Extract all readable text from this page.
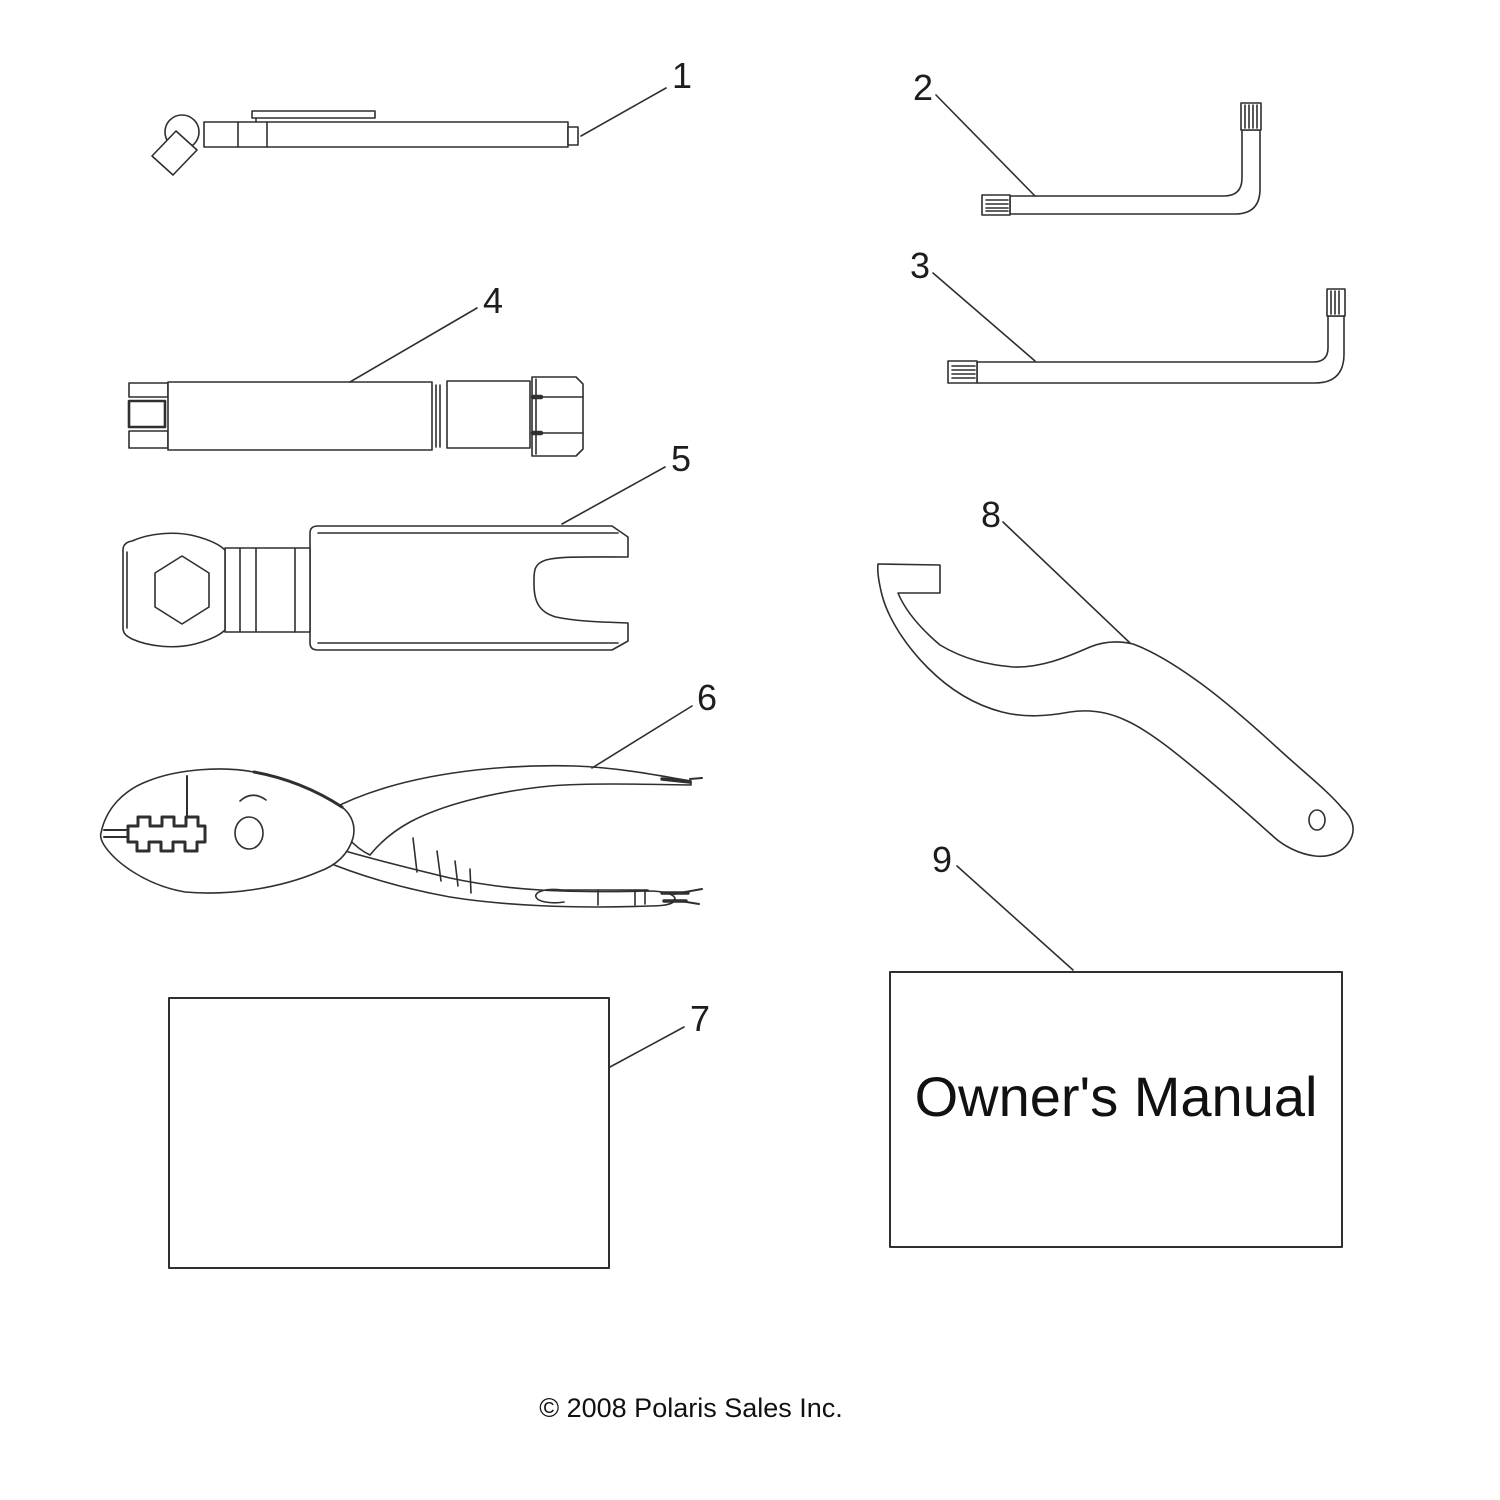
1	2
3
4
5
6
7
8
Owner's Manual
9
© 2008 Polaris Sales Inc.
